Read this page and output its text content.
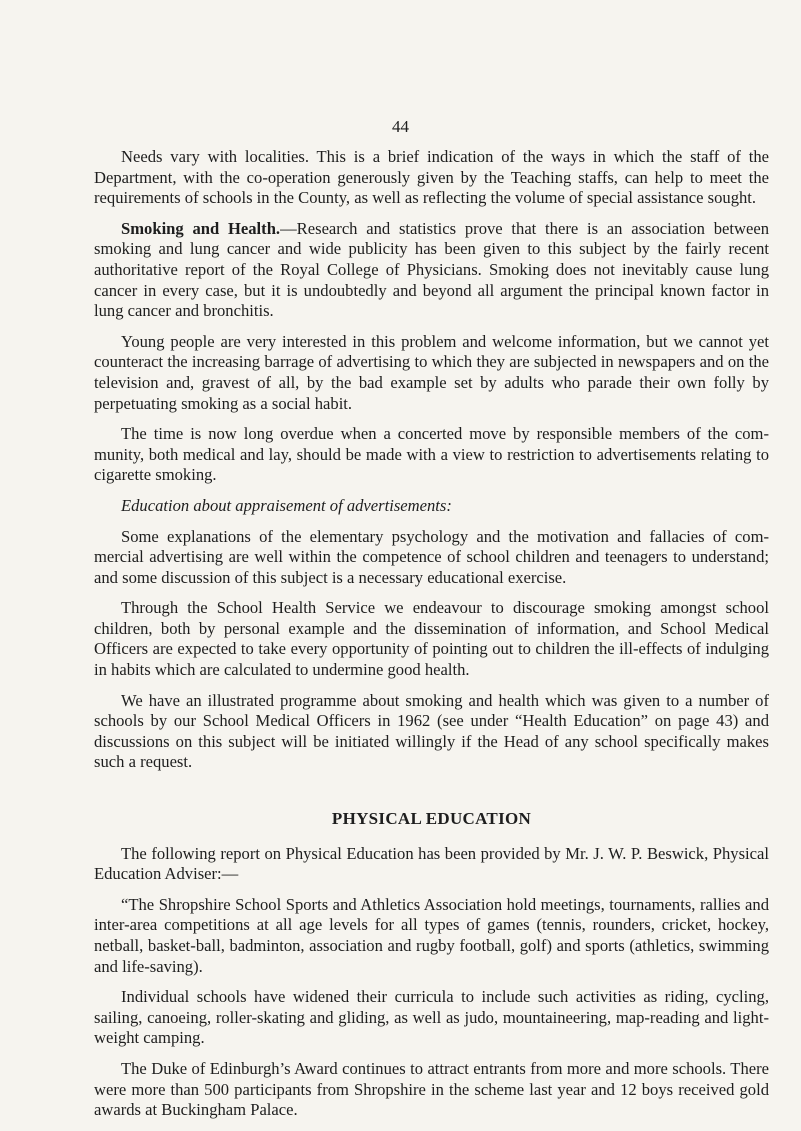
44

Needs vary with localities. This is a brief indication of the ways in which the staff of the Department, with the co-operation generously given by the Teaching staffs, can help to meet the requirements of schools in the County, as well as reflecting the volume of special assistance sought.

Smoking and Health.—Research and statistics prove that there is an association between smoking and lung cancer and wide publicity has been given to this subject by the fairly recent authoritative report of the Royal College of Physicians. Smoking does not inevitably cause lung cancer in every case, but it is undoubtedly and beyond all argument the principal known factor in lung cancer and bronchitis.

Young people are very interested in this problem and welcome information, but we cannot yet counteract the increasing barrage of advertising to which they are subjected in newspapers and on the television and, gravest of all, by the bad example set by adults who parade their own folly by perpetuating smoking as a social habit.

The time is now long overdue when a concerted move by responsible members of the com- munity, both medical and lay, should be made with a view to restriction to advertisements relating to cigarette smoking.

Education about appraisement of advertisements:

Some explanations of the elementary psychology and the motivation and fallacies of com- mercial advertising are well within the competence of school children and teenagers to understand; and some discussion of this subject is a necessary educational exercise.

Through the School Health Service we endeavour to discourage smoking amongst school children, both by personal example and the dissemination of information, and School Medical Officers are expected to take every opportunity of pointing out to children the ill-effects of indulging in habits which are calculated to undermine good health.

We have an illustrated programme about smoking and health which was given to a number of schools by our School Medical Officers in 1962 (see under “Health Education” on page 43) and discussions on this subject will be initiated willingly if the Head of any school specifically makes such a request.

PHYSICAL EDUCATION

The following report on Physical Education has been provided by Mr. J. W. P. Beswick, Physical Education Adviser:—

“The Shropshire School Sports and Athletics Association hold meetings, tournaments, rallies and inter-area competitions at all age levels for all types of games (tennis, rounders, cricket, hockey, netball, basket-ball, badminton, association and rugby football, golf) and sports (athletics, swimming and life-saving).

Individual schools have widened their curricula to include such activities as riding, cycling, sailing, canoeing, roller-skating and gliding, as well as judo, mountaineering, map-reading and light-weight camping.

The Duke of Edinburgh’s Award continues to attract entrants from more and more schools. There were more than 500 participants from Shropshire in the scheme last year and 12 boys received gold awards at Buckingham Palace.
